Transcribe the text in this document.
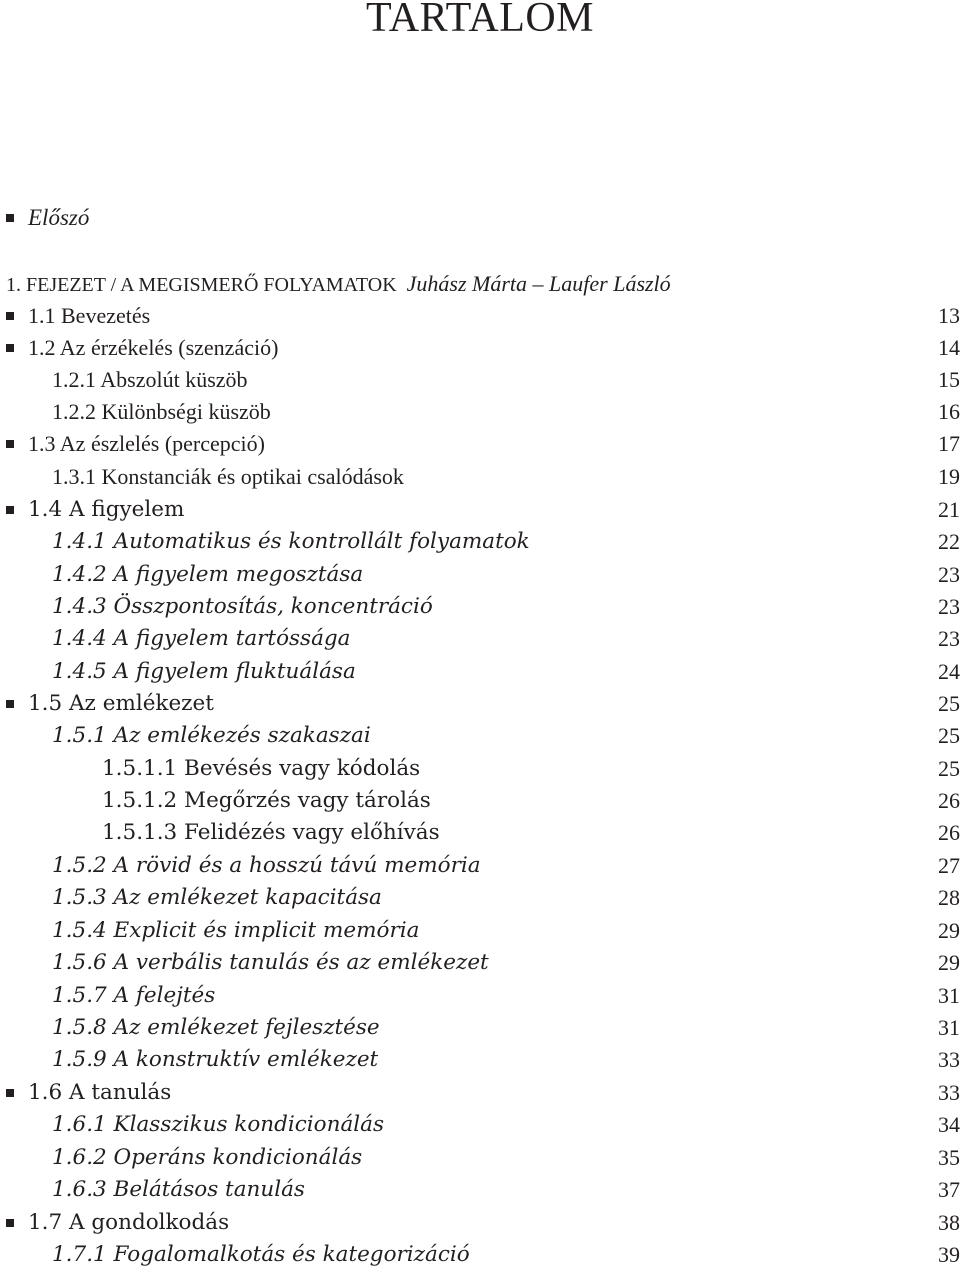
TARTALOM
Előszó
1. FEJEZET / A MEGISMERŐ FOLYAMATOK Juhász Márta – Laufer László
1.1 Bevezetés	13
1.2 Az érzékelés (szenzáció)	14
1.2.1 Abszolút küszöb	15
1.2.2 Különbségi küszöb	16
1.3 Az észlelés (percepció)	17
1.3.1 Konstanciák és optikai csalódások	19
1.4 A figyelem	21
1.4.1 Automatikus és kontrollált folyamatok	22
1.4.2 A figyelem megosztása	23
1.4.3 Összpontosítás, koncentráció	23
1.4.4 A figyelem tartóssága	23
1.4.5 A figyelem fluktuálása	24
1.5 Az emlékezet	25
1.5.1 Az emlékezés szakaszai	25
1.5.1.1 Bevésés vagy kódolás	25
1.5.1.2 Megőrzés vagy tárolás	26
1.5.1.3 Felidézés vagy előhívás	26
1.5.2 A rövid és a hosszú távú memória	27
1.5.3 Az emlékezet kapacitása	28
1.5.4 Explicit és implicit memória	29
1.5.6 A verbális tanulás és az emlékezet	29
1.5.7 A felejtés	31
1.5.8 Az emlékezet fejlesztése	31
1.5.9 A konstruktív emlékezet	33
1.6 A tanulás	33
1.6.1 Klasszikus kondicionálás	34
1.6.2 Operáns kondicionálás	35
1.6.3 Belátásos tanulás	37
1.7 A gondolkodás	38
1.7.1 Fogalomalkotás és kategorizáció	39
